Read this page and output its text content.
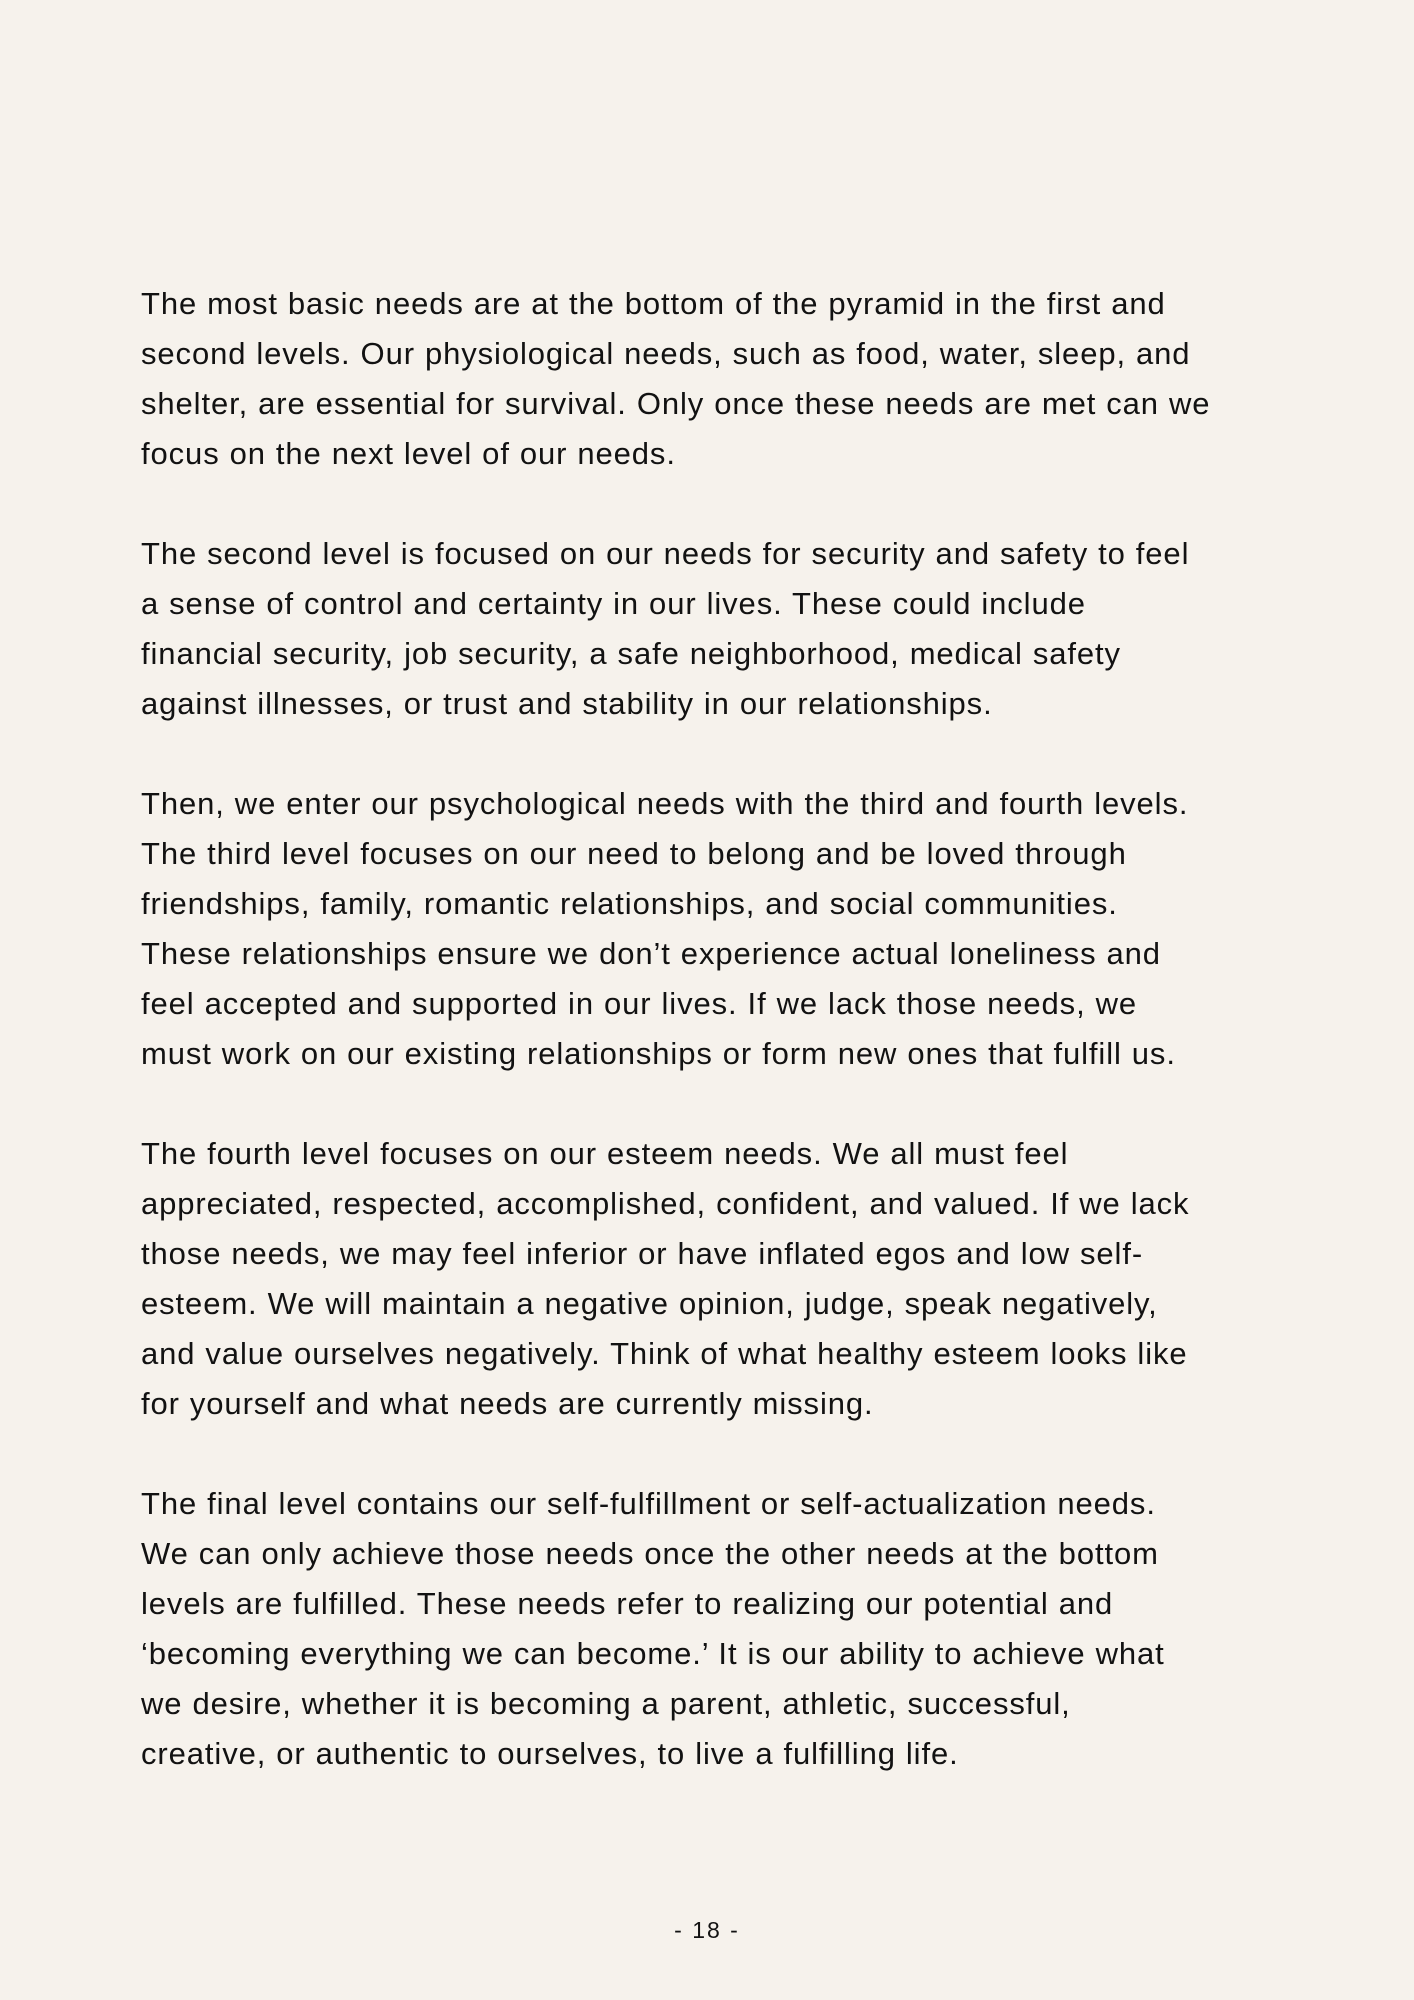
The most basic needs are at the bottom of the pyramid in the first and
second levels. Our physiological needs, such as food, water, sleep, and
shelter, are essential for survival. Only once these needs are met can we
focus on the next level of our needs.

The second level is focused on our needs for security and safety to feel
a sense of control and certainty in our lives. These could include
financial security, job security, a safe neighborhood, medical safety
against illnesses, or trust and stability in our relationships.

Then, we enter our psychological needs with the third and fourth levels.
The third level focuses on our need to belong and be loved through
friendships, family, romantic relationships, and social communities.
These relationships ensure we don’t experience actual loneliness and
feel accepted and supported in our lives. If we lack those needs, we
must work on our existing relationships or form new ones that fulfill us.

The fourth level focuses on our esteem needs. We all must feel
appreciated, respected, accomplished, confident, and valued. If we lack
those needs, we may feel inferior or have inflated egos and low self-
esteem. We will maintain a negative opinion, judge, speak negatively,
and value ourselves negatively. Think of what healthy esteem looks like
for yourself and what needs are currently missing.

The final level contains our self-fulfillment or self-actualization needs.
We can only achieve those needs once the other needs at the bottom
levels are fulfilled. These needs refer to realizing our potential and
‘becoming everything we can become.’ It is our ability to achieve what
we desire, whether it is becoming a parent, athletic, successful,
creative, or authentic to ourselves, to live a fulfilling life.

- 18 -
